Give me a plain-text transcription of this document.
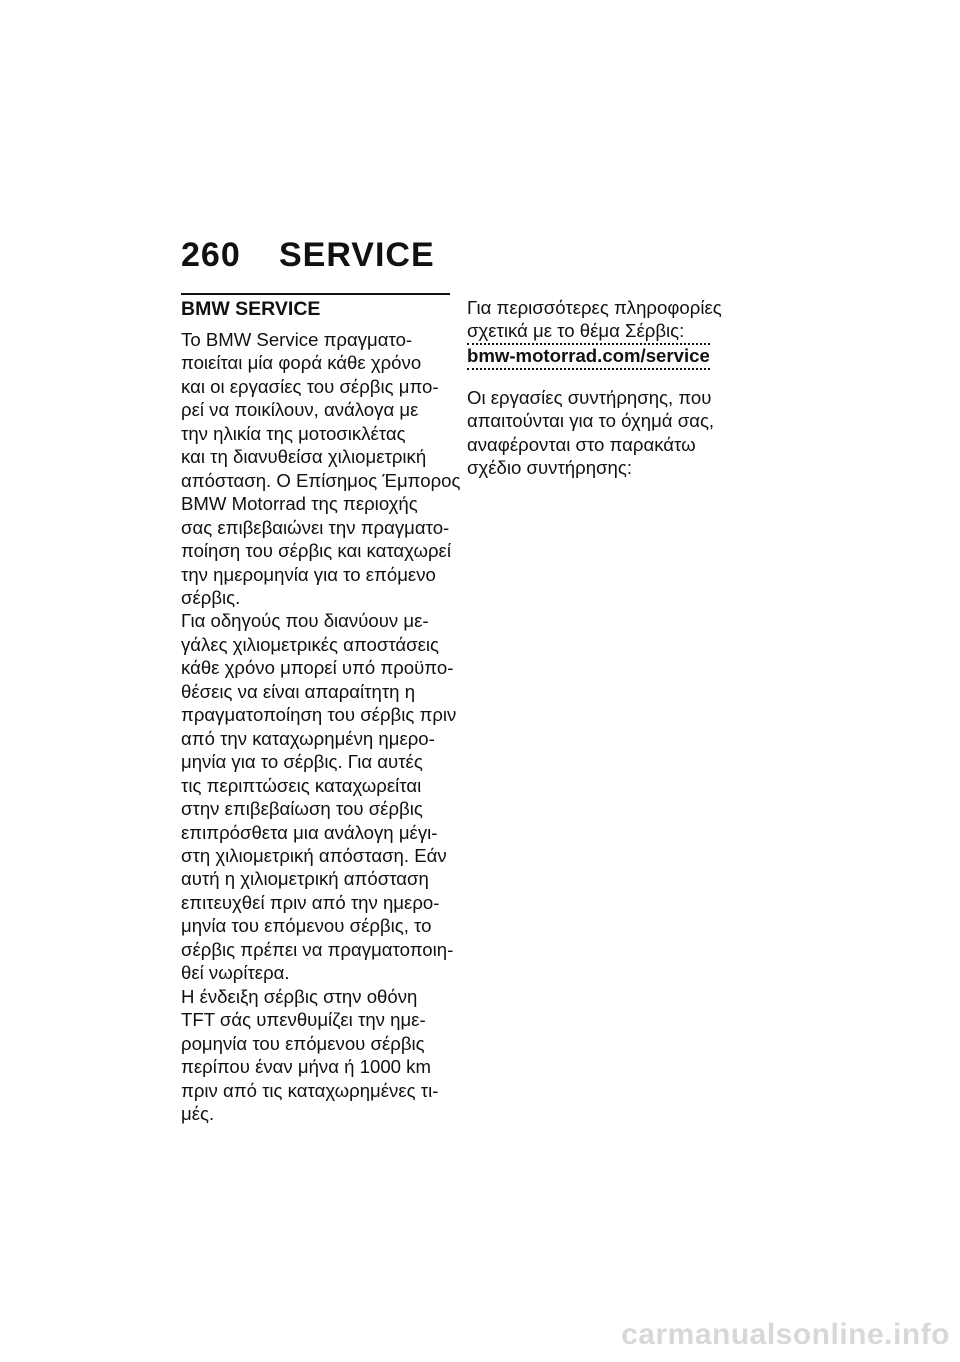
260 SERVICE
BMW SERVICE
Το BMW Service πραγματο-
ποιείται μία φορά κάθε χρόνο
και οι εργασίες του σέρβις μπο-
ρεί να ποικίλουν, ανάλογα με
την ηλικία της μοτοσικλέτας
και τη διανυθείσα χιλιομετρική
απόσταση. Ο Επίσημος Έμπορος
BMW Motorrad της περιοχής
σας επιβεβαιώνει την πραγματο-
ποίηση του σέρβις και καταχωρεί
την ημερομηνία για το επόμενο
σέρβις.
Για οδηγούς που διανύουν με-
γάλες χιλιομετρικές αποστάσεις
κάθε χρόνο μπορεί υπό προϋπο-
θέσεις να είναι απαραίτητη η
πραγματοποίηση του σέρβις πριν
από την καταχωρημένη ημερο-
μηνία για το σέρβις. Για αυτές
τις περιπτώσεις καταχωρείται
στην επιβεβαίωση του σέρβις
επιπρόσθετα μια ανάλογη μέγι-
στη χιλιομετρική απόσταση. Εάν
αυτή η χιλιομετρική απόσταση
επιτευχθεί πριν από την ημερο-
μηνία του επόμενου σέρβις, το
σέρβις πρέπει να πραγματοποιη-
θεί νωρίτερα.
Η ένδειξη σέρβις στην οθόνη
TFT σάς υπενθυμίζει την ημε-
ρομηνία του επόμενου σέρβις
περίπου έναν μήνα ή 1000 km
πριν από τις καταχωρημένες τι-
μές.
Για περισσότερες πληροφορίες
σχετικά με το θέμα Σέρβις:
bmw-motorrad.com/service
Οι εργασίες συντήρησης, που
απαιτούνται για το όχημά σας,
αναφέρονται στο παρακάτω
σχέδιο συντήρησης:
carmanualsonline.info
